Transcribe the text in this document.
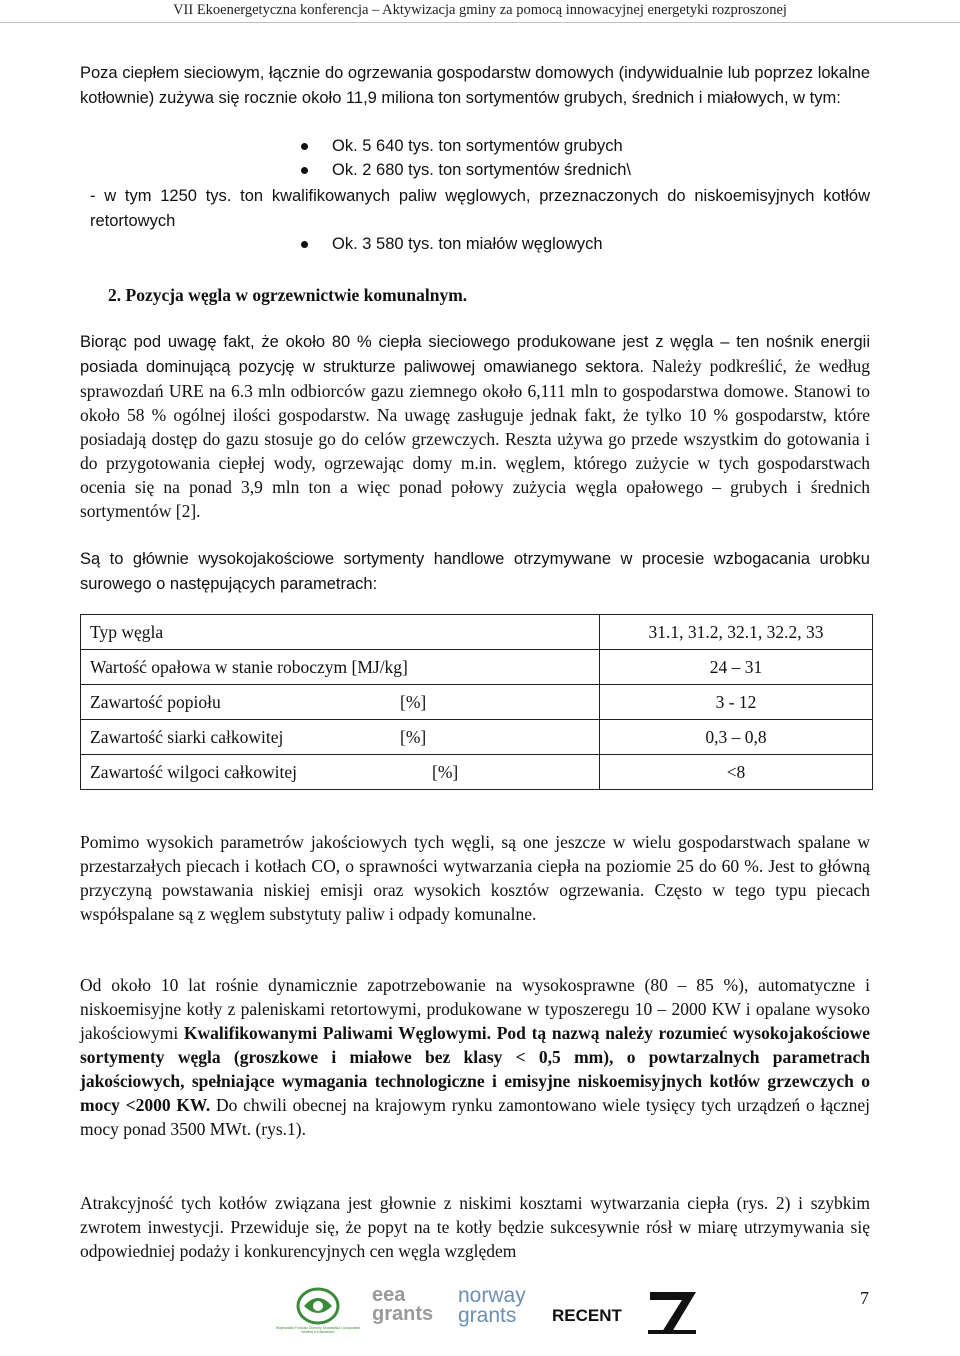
VII Ekoenergetyczna konferencja – Aktywizacja gminy za pomocą innowacyjnej energetyki rozproszonej

Poza ciepłem sieciowym, łącznie do ogrzewania gospodarstw domowych (indywidualnie lub poprzez lokalne kotłownie) zużywa się rocznie około 11,9 miliona ton sortymentów grubych, średnich i miałowych, w tym:

Ok. 5 640 tys. ton sortymentów grubych
Ok. 2 680 tys. ton sortymentów średnich\

- w tym 1250 tys. ton kwalifikowanych paliw węglowych, przeznaczonych do niskoemisyjnych kotłów retortowych

Ok. 3 580 tys. ton miałów węglowych
2. Pozycja węgla w ogrzewnictwie komunalnym.

Biorąc pod uwagę fakt, że około 80 % ciepła sieciowego produkowane jest z węgla – ten nośnik energii posiada dominującą pozycję w strukturze paliwowej omawianego sektora. Należy podkreślić, że według sprawozdań URE na 6.3 mln odbiorców gazu ziemnego około 6,111 mln to gospodarstwa domowe. Stanowi to około 58 % ogólnej ilości gospodarstw. Na uwagę zasługuje jednak fakt, że tylko 10 % gospodarstw, które posiadają dostęp do gazu stosuje go do celów grzewczych. Reszta używa go przede wszystkim do gotowania i do przygotowania ciepłej wody, ogrzewając domy m.in. węglem, którego zużycie w tych gospodarstwach ocenia się na ponad 3,9 mln ton a więc ponad połowy zużycia węgla opałowego – grubych i średnich sortymentów [2].

Są to głównie wysokojakościowe sortymenty handlowe otrzymywane w procesie wzbogacania urobku surowego o następujących parametrach:

Typ węgla	31.1, 31.2, 32.1, 32.2, 33
Wartość opałowa w stanie roboczym [MJ/kg]	24 – 31
Zawartość popiołu [%]	3 - 12
Zawartość siarki całkowitej [%]	0,3 – 0,8
Zawartość wilgoci całkowitej [%]	<8

Pomimo wysokich parametrów jakościowych tych węgli, są one jeszcze w wielu gospodarstwach spalane w przestarzałych piecach i kotłach CO, o sprawności wytwarzania ciepła na poziomie 25 do 60 %. Jest to główną przyczyną powstawania niskiej emisji oraz wysokich kosztów ogrzewania. Często w tego typu piecach współspalane są z węglem substytuty paliw i odpady komunalne.

Od około 10 lat rośnie dynamicznie zapotrzebowanie na wysokosprawne (80 – 85 %), automatyczne i niskoemisyjne kotły z paleniskami retortowymi, produkowane w typoszeregu 10 – 2000 KW i opalane wysoko jakościowymi Kwalifikowanymi Paliwami Węglowymi. Pod tą nazwą należy rozumieć wysokojakościowe sortymenty węgla (groszkowe i miałowe bez klasy < 0,5 mm), o powtarzalnych parametrach jakościowych, spełniające wymagania technologiczne i emisyjne niskoemisyjnych kotłów grzewczych o mocy <2000 KW. Do chwili obecnej na krajowym rynku zamontowano wiele tysięcy tych urządzeń o łącznej mocy ponad 3500 MWt. (rys.1).

Atrakcyjność tych kotłów związana jest głownie z niskimi kosztami wytwarzania ciepła (rys. 2) i szybkim zwrotem inwestycji. Przewiduje się, że popyt na te kotły będzie sukcesywnie rósł w miarę utrzymywania się odpowiedniej podaży i konkurencyjnych cen węgla względem

7
Wojewódzki Fundusz Ochrony Środowiska i Gospodarki Wodnej w Katowicach
eea
grants
norway
grants	RECENT
